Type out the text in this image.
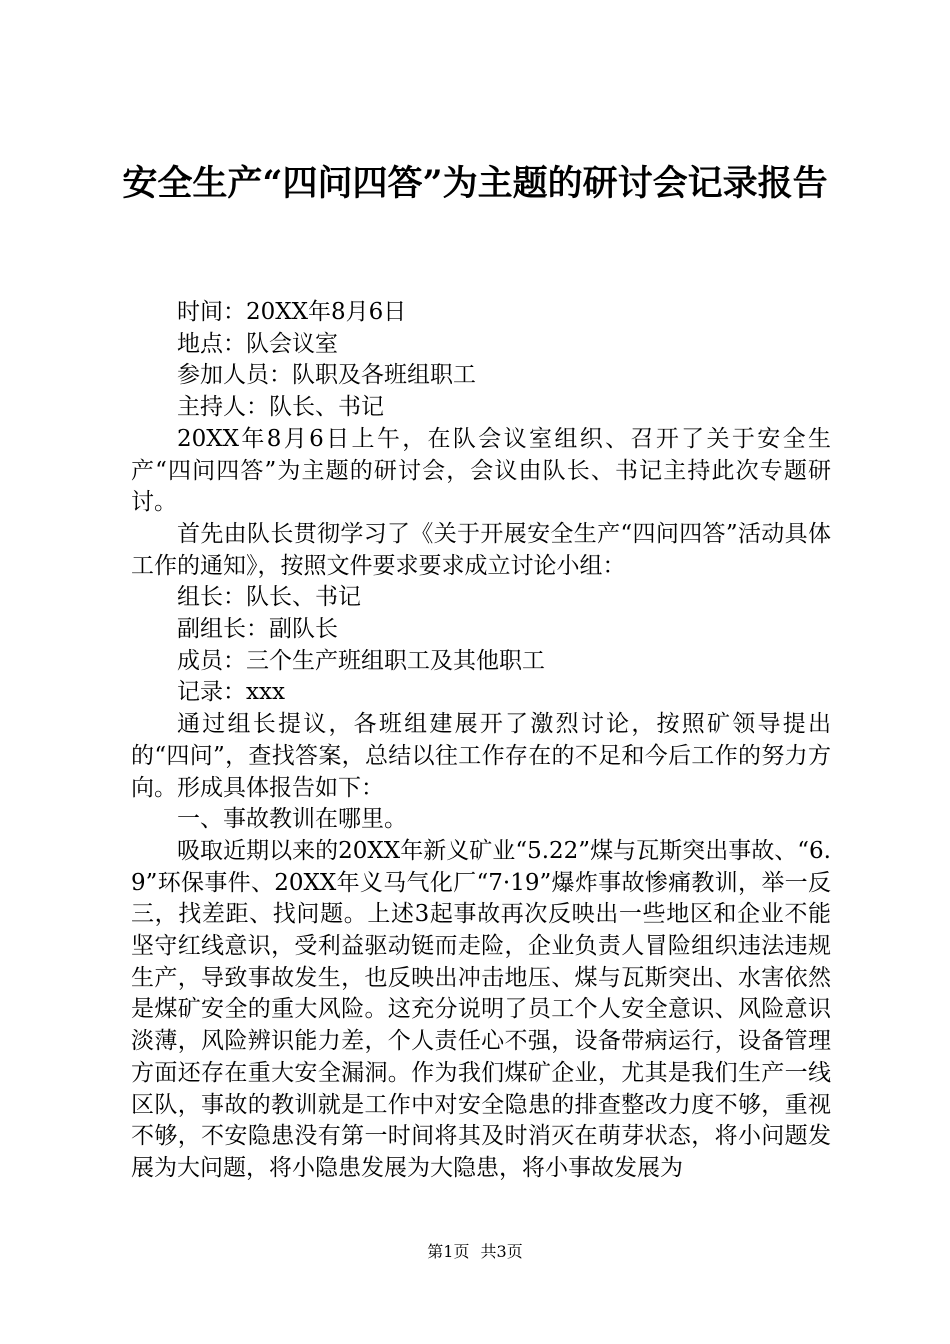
安全生产“四问四答”为主题的研讨会记录报告

时间：20XX年8月6日

地点：队会议室

参加人员：队职及各班组职工

主持人：队长、书记

20XX年8月6日上午，在队会议室组织、召开了关于安全生产“四问四答”为主题的研讨会，会议由队长、书记主持此次专题研讨。

首先由队长贯彻学习了《关于开展安全生产“四问四答”活动具体工作的通知》，按照文件要求要求成立讨论小组：

组长：队长、书记

副组长：副队长

成员：三个生产班组职工及其他职工

记录：xxx

通过组长提议，各班组建展开了激烈讨论，按照矿领导提出的“四问”，查找答案，总结以往工作存在的不足和今后工作的努力方向。形成具体报告如下：

一、事故教训在哪里。

吸取近期以来的20XX年新义矿业“5.22”煤与瓦斯突出事故、“6.9”环保事件、20XX年义马气化厂“7·19”爆炸事故惨痛教训，举一反三，找差距、找问题。上述3起事故再次反映出一些地区和企业不能坚守红线意识，受利益驱动铤而走险，企业负责人冒险组织违法违规生产，导致事故发生，也反映出冲击地压、煤与瓦斯突出、水害依然是煤矿安全的重大风险。这充分说明了员工个人安全意识、风险意识淡薄，风险辨识能力差，个人责任心不强，设备带病运行，设备管理方面还存在重大安全漏洞。作为我们煤矿企业，尤其是我们生产一线区队，事故的教训就是工作中对安全隐患的排查整改力度不够，重视不够，不安隐患没有第一时间将其及时消灭在萌芽状态，将小问题发展为大问题，将小隐患发展为大隐患，将小事故发展为

第1页 共3页
